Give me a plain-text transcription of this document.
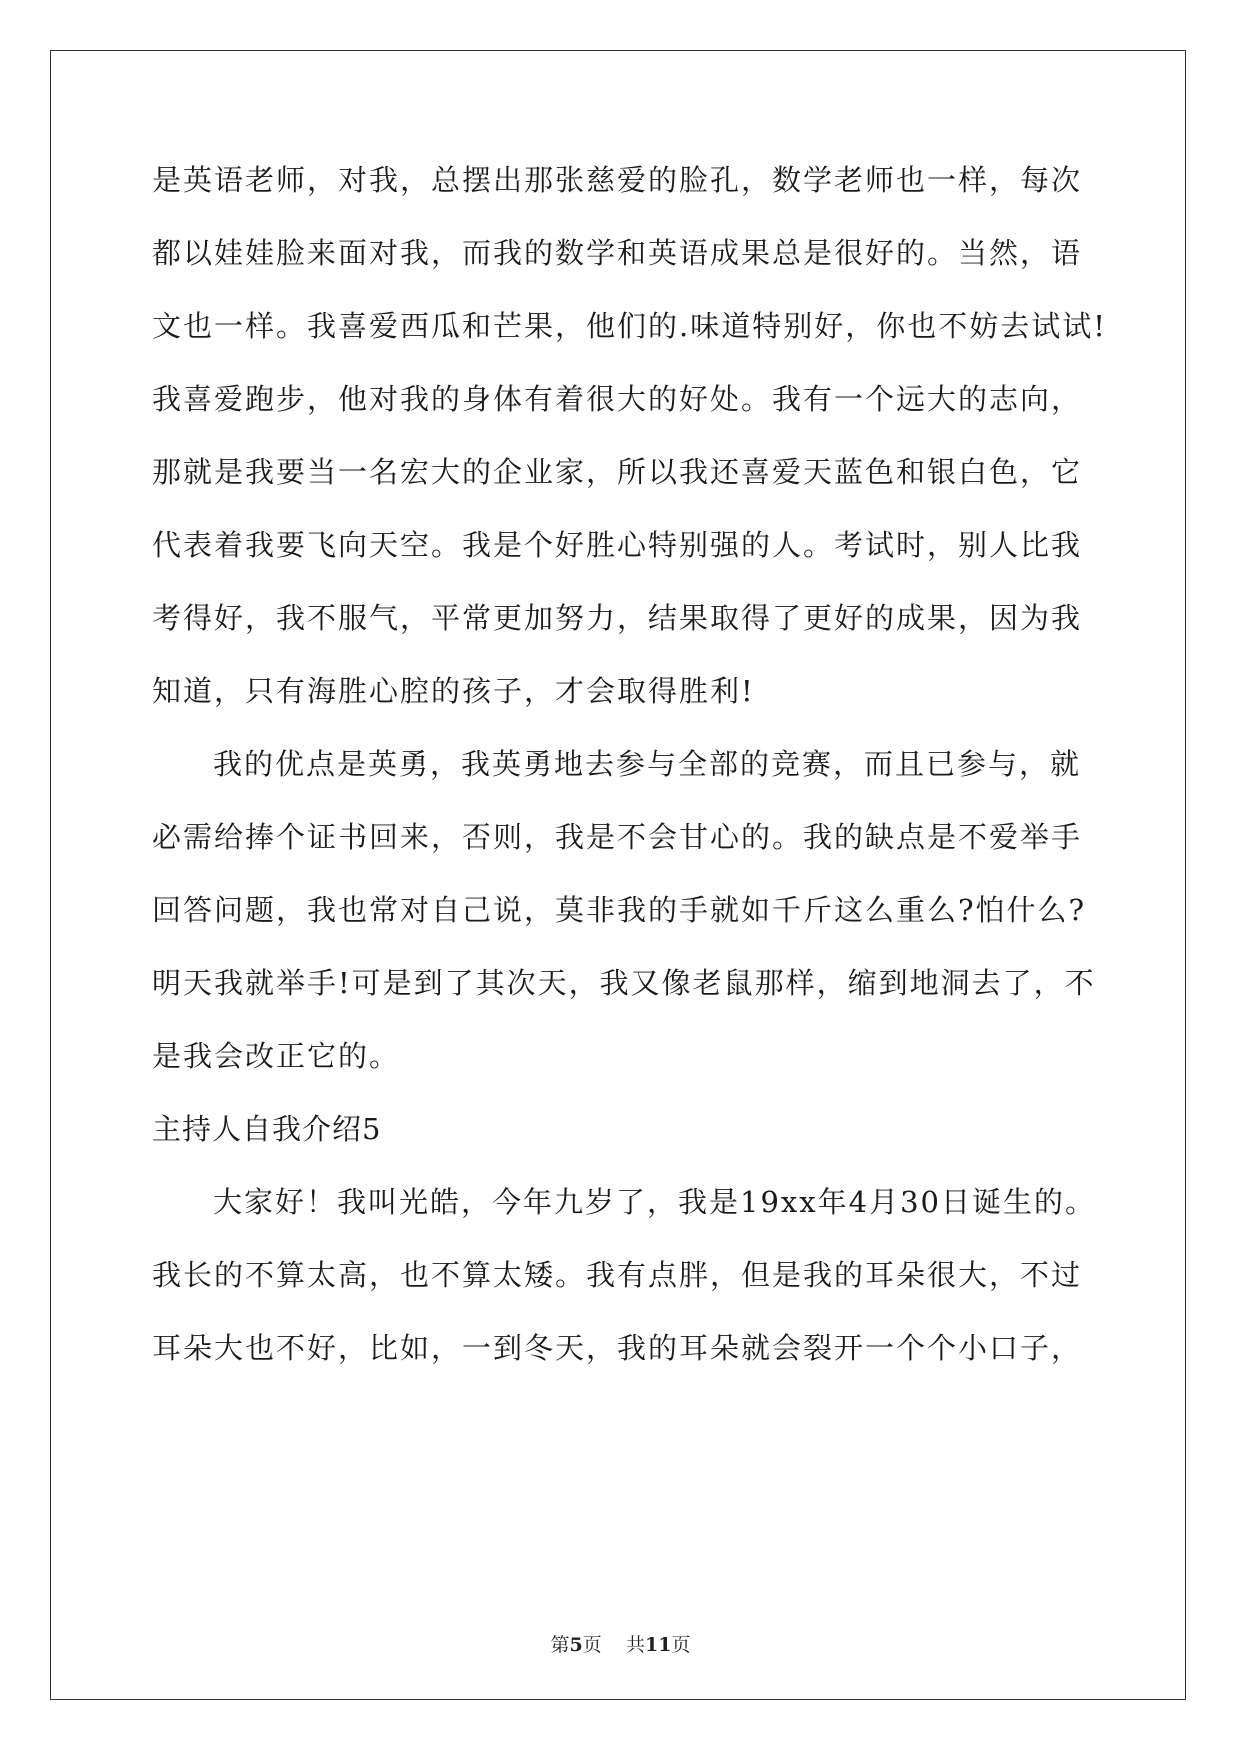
是英语老师，对我，总摆出那张慈爱的脸孔，数学老师也一样，每次
都以娃娃脸来面对我，而我的数学和英语成果总是很好的。当然，语
文也一样。我喜爱西瓜和芒果，他们的.味道特别好，你也不妨去试试!
我喜爱跑步，他对我的身体有着很大的好处。我有一个远大的志向，
那就是我要当一名宏大的企业家，所以我还喜爱天蓝色和银白色，它
代表着我要飞向天空。我是个好胜心特别强的人。考试时，别人比我
考得好，我不服气，平常更加努力，结果取得了更好的成果，因为我
知道，只有海胜心腔的孩子，才会取得胜利!
我的优点是英勇，我英勇地去参与全部的竞赛，而且已参与，就
必需给捧个证书回来，否则，我是不会甘心的。我的缺点是不爱举手
回答问题，我也常对自己说，莫非我的手就如千斤这么重么?怕什么?
明天我就举手!可是到了其次天，我又像老鼠那样，缩到地洞去了，不
是我会改正它的。
主持人自我介绍5
大家好！我叫光皓，今年九岁了，我是19xx年4月30日诞生的。
我长的不算太高，也不算太矮。我有点胖，但是我的耳朵很大，不过
耳朵大也不好，比如，一到冬天，我的耳朵就会裂开一个个小口子，
第5页 共11页
